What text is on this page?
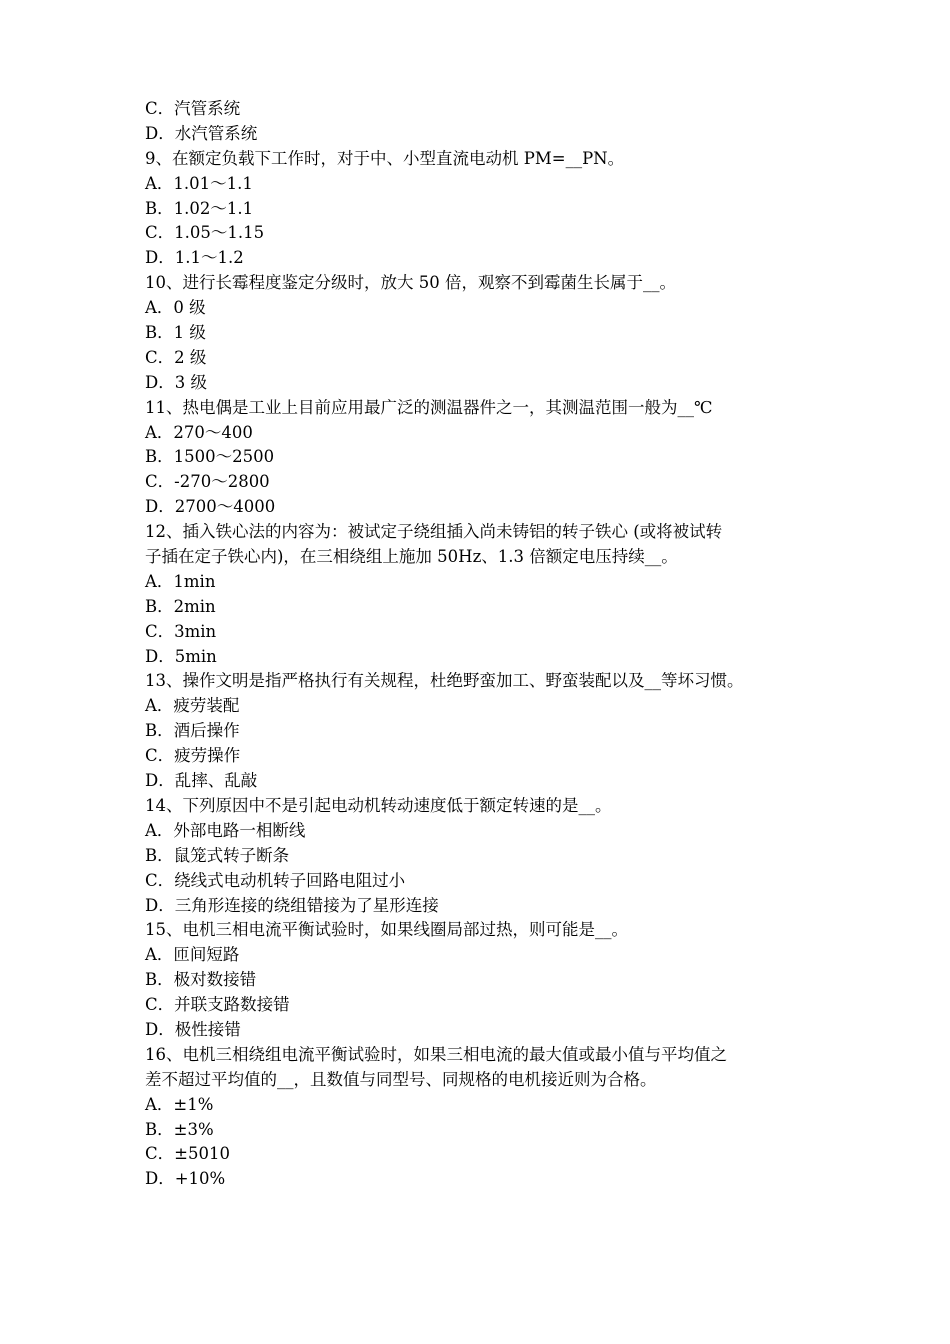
C．汽管系统
D．水汽管系统
9、在额定负载下工作时，对于中、小型直流电动机 PM=__PN。
A．1.01～1.1
B．1.02～1.1
C．1.05～1.15
D．1.1～1.2
10、进行长霉程度鉴定分级时，放大 50 倍，观察不到霉菌生长属于__。
A．0 级
B．1 级
C．2 级
D．3 级
11、热电偶是工业上目前应用最广泛的测温器件之一，其测温范围一般为__℃
A．270～400
B．1500～2500
C．-270～2800
D．2700～4000
12、插入铁心法的内容为：被试定子绕组插入尚未铸铝的转子铁心 (或将被试转
子插在定子铁心内)，在三相绕组上施加 50Hz、1.3 倍额定电压持续__。
A．1min
B．2min
C．3min
D．5min
13、操作文明是指严格执行有关规程，杜绝野蛮加工、野蛮装配以及__等坏习惯。
A．疲劳装配
B．酒后操作
C．疲劳操作
D．乱摔、乱敲
14、下列原因中不是引起电动机转动速度低于额定转速的是__。
A．外部电路一相断线
B．鼠笼式转子断条
C．绕线式电动机转子回路电阻过小
D．三角形连接的绕组错接为了星形连接
15、电机三相电流平衡试验时，如果线圈局部过热，则可能是__。
A．匝间短路
B．极对数接错
C．并联支路数接错
D．极性接错
16、电机三相绕组电流平衡试验时，如果三相电流的最大值或最小值与平均值之
差不超过平均值的__，且数值与同型号、同规格的电机接近则为合格。
A．±1%
B．±3%
C．±5010
D．+10%
